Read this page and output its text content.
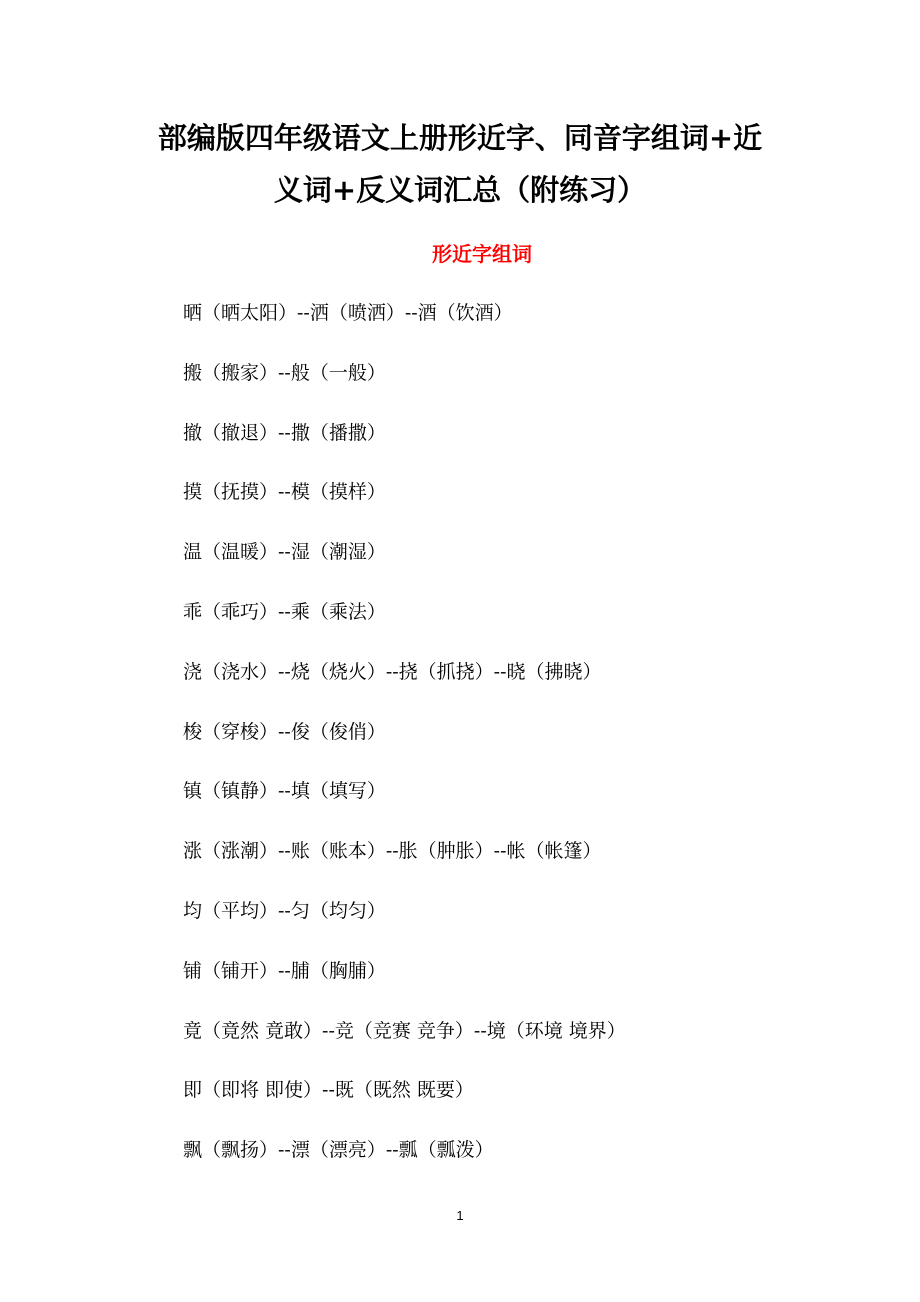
部编版四年级语文上册形近字、同音字组词+近
义词+反义词汇总（附练习）
形近字组词
晒（晒太阳）--洒（喷洒）--酒（饮酒）
搬（搬家）--般（一般）
撤（撤退）--撒（播撒）
摸（抚摸）--模（摸样）
温（温暖）--湿（潮湿）
乖（乖巧）--乘（乘法）
浇（浇水）--烧（烧火）--挠（抓挠）--晓（拂晓）
梭（穿梭）--俊（俊俏）
镇（镇静）--填（填写）
涨（涨潮）--账（账本）--胀（肿胀）--帐（帐篷）
均（平均）--匀（均匀）
铺（铺开）--脯（胸脯）
竟（竟然 竟敢）--竞（竞赛 竞争）--境（环境 境界）
即（即将 即使）--既（既然 既要）
飘（飘扬）--漂（漂亮）--瓢（瓢泼）
1
